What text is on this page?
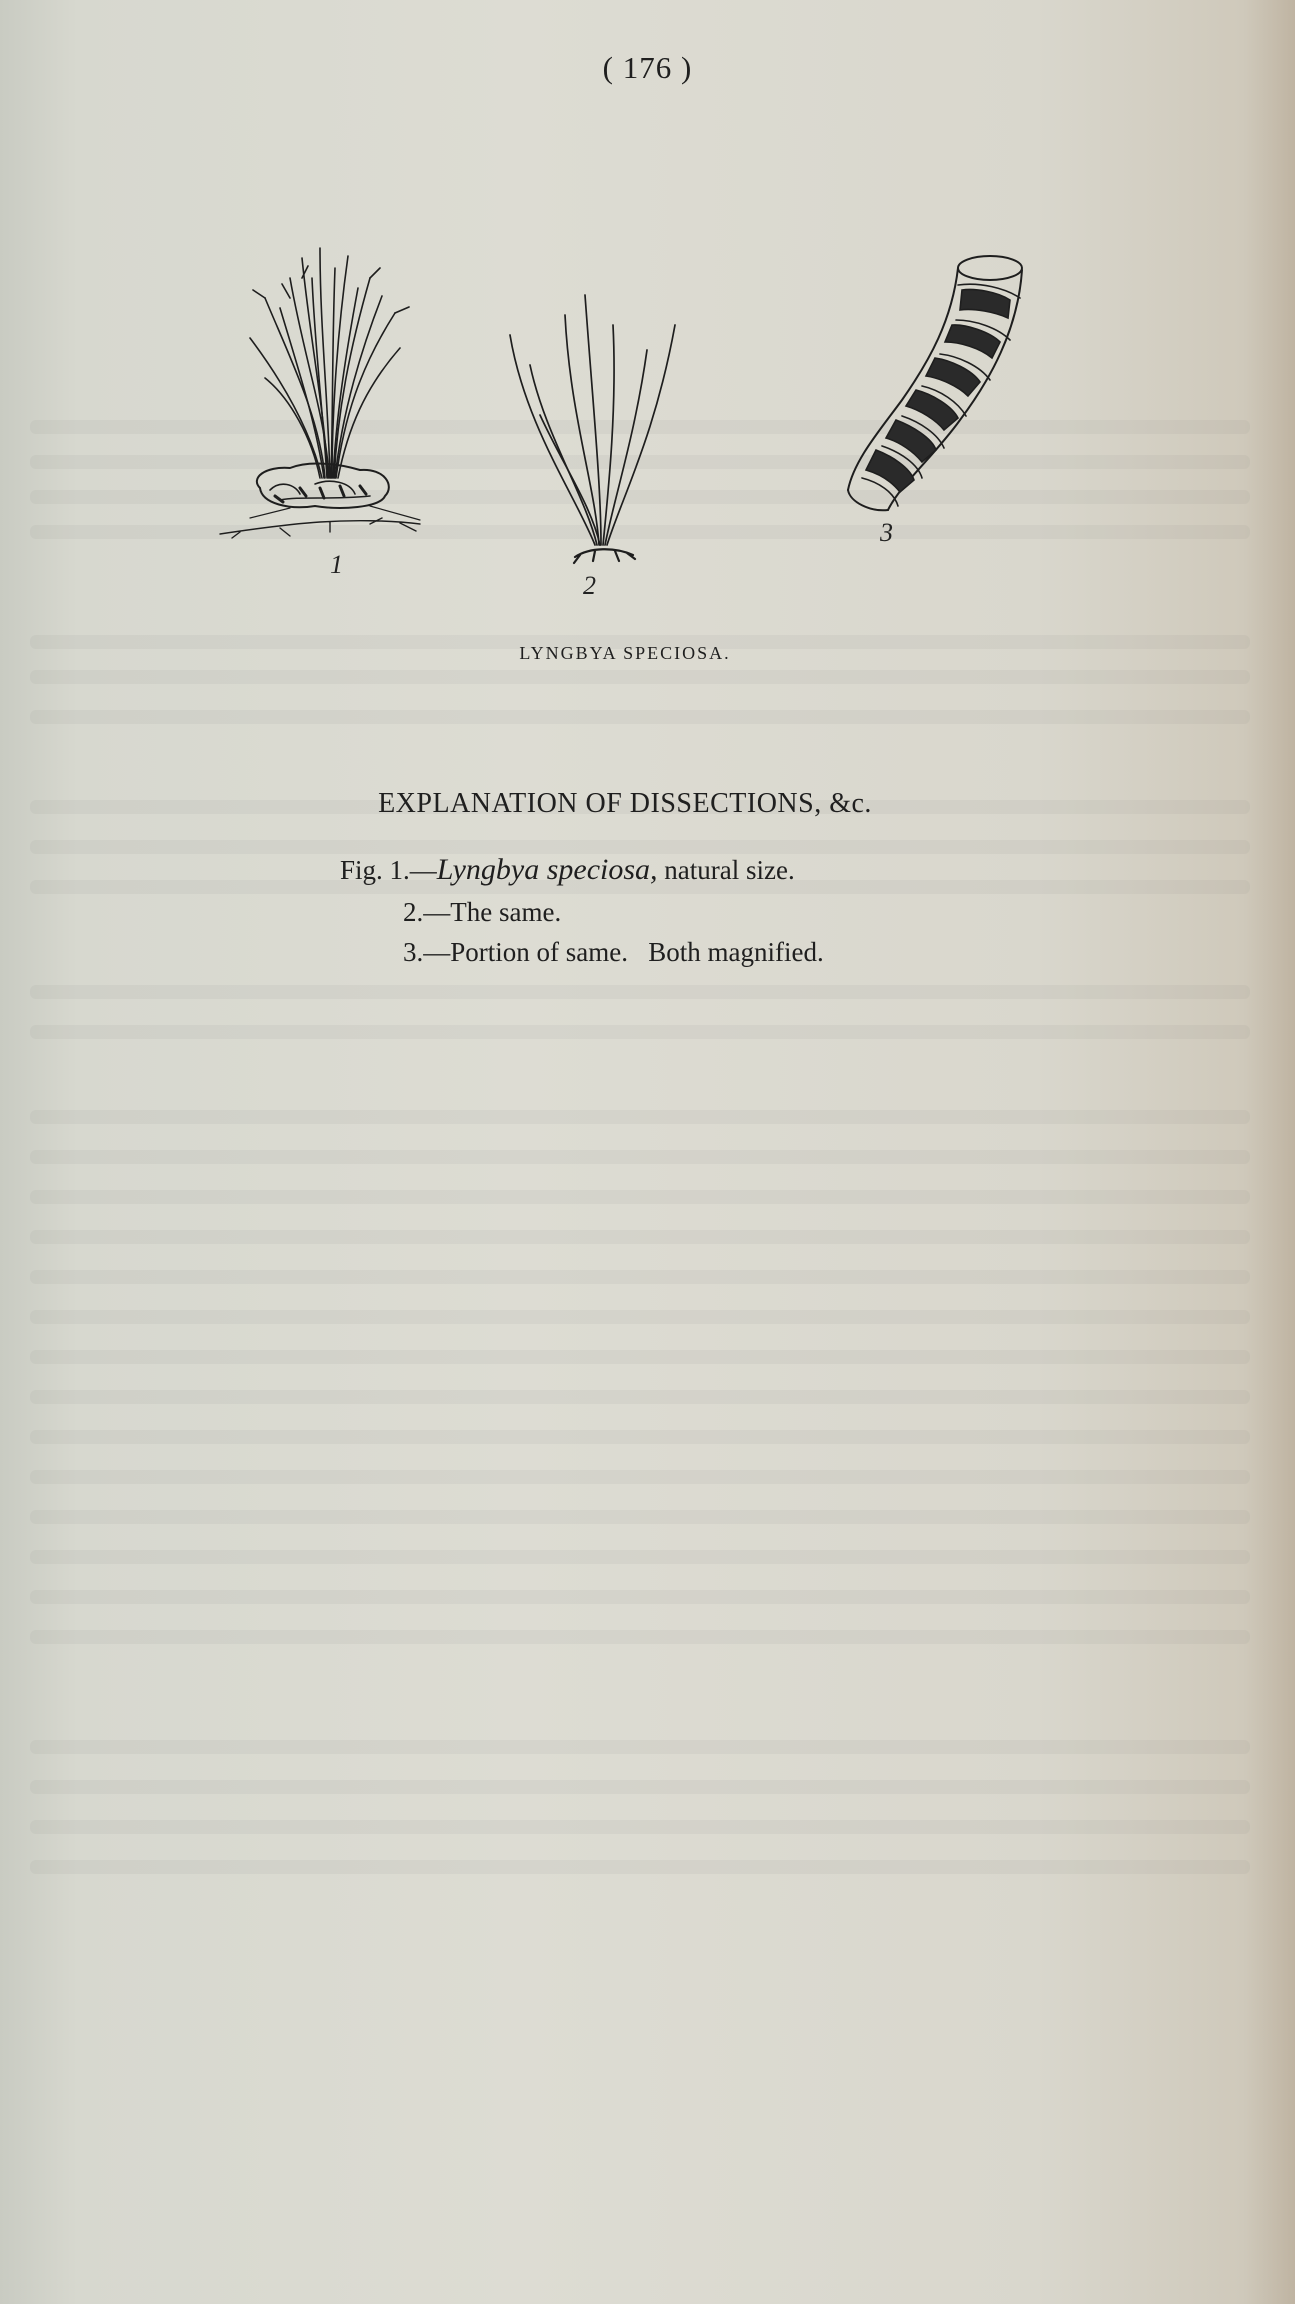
( 176 )
1
2
3
LYNGBYA SPECIOSA.
EXPLANATION OF DISSECTIONS, &c.
Fig. 1.—Lyngbya speciosa, natural size.
2.—The same.
3.—Portion of same.   Both magnified.
